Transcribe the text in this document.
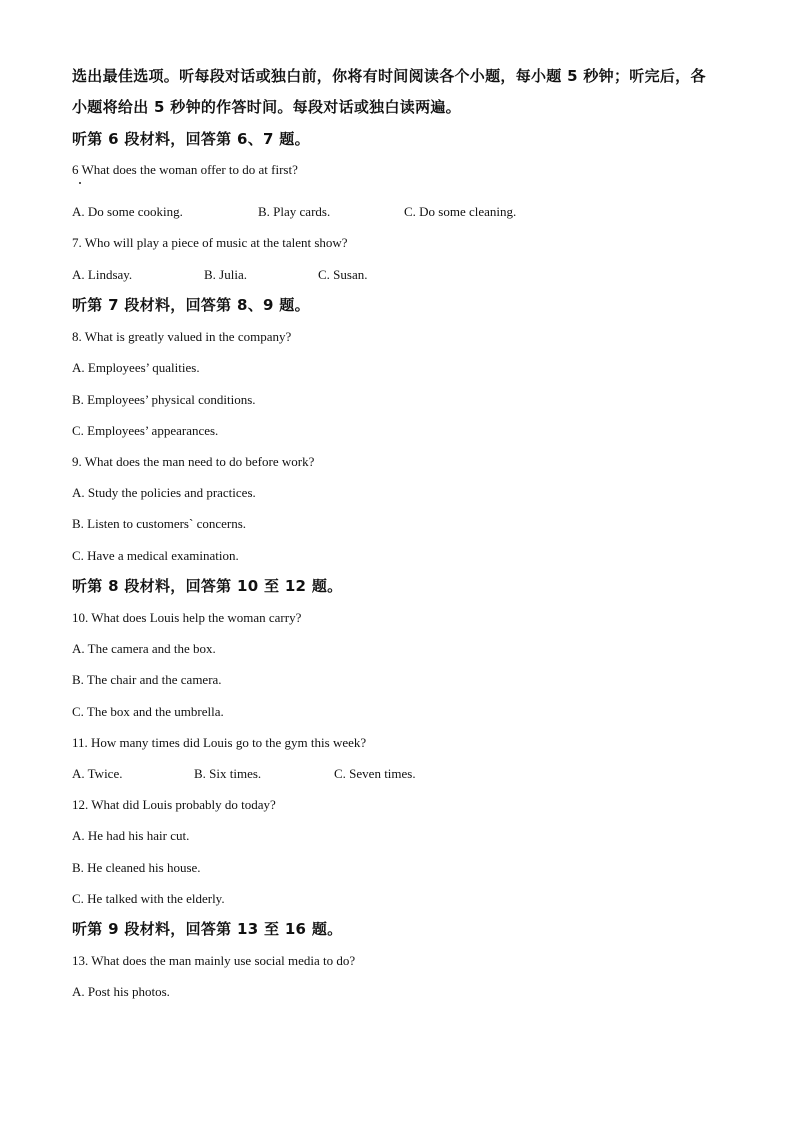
选出最佳选项。听每段对话或独白前，你将有时间阅读各个小题，每小题 5 秒钟；听完后，各
小题将给出 5 秒钟的作答时间。每段对话或独白读两遍。
听第 6 段材料，回答第 6、7 题。
6 What does the woman offer to do at first?
A. Do some cooking.	B. Play cards.	C. Do some cleaning.
7. Who will play a piece of music at the talent show?
A. Lindsay.	B. Julia.	C. Susan.
听第 7 段材料，回答第 8、9 题。
8. What is greatly valued in the company?
A. Employees’ qualities.
B. Employees’ physical conditions.
C. Employees’ appearances.
9. What does the man need to do before work?
A. Study the policies and practices.
B. Listen to customers` concerns.
C. Have a medical examination.
听第 8 段材料，回答第 10 至 12 题。
10. What does Louis help the woman carry?
A. The camera and the box.
B. The chair and the camera.
C. The box and the umbrella.
11. How many times did Louis go to the gym this week?
A. Twice.	B. Six times.	C. Seven times.
12. What did Louis probably do today?
A. He had his hair cut.
B. He cleaned his house.
C. He talked with the elderly.
听第 9 段材料，回答第 13 至 16 题。
13. What does the man mainly use social media to do?
A. Post his photos.
